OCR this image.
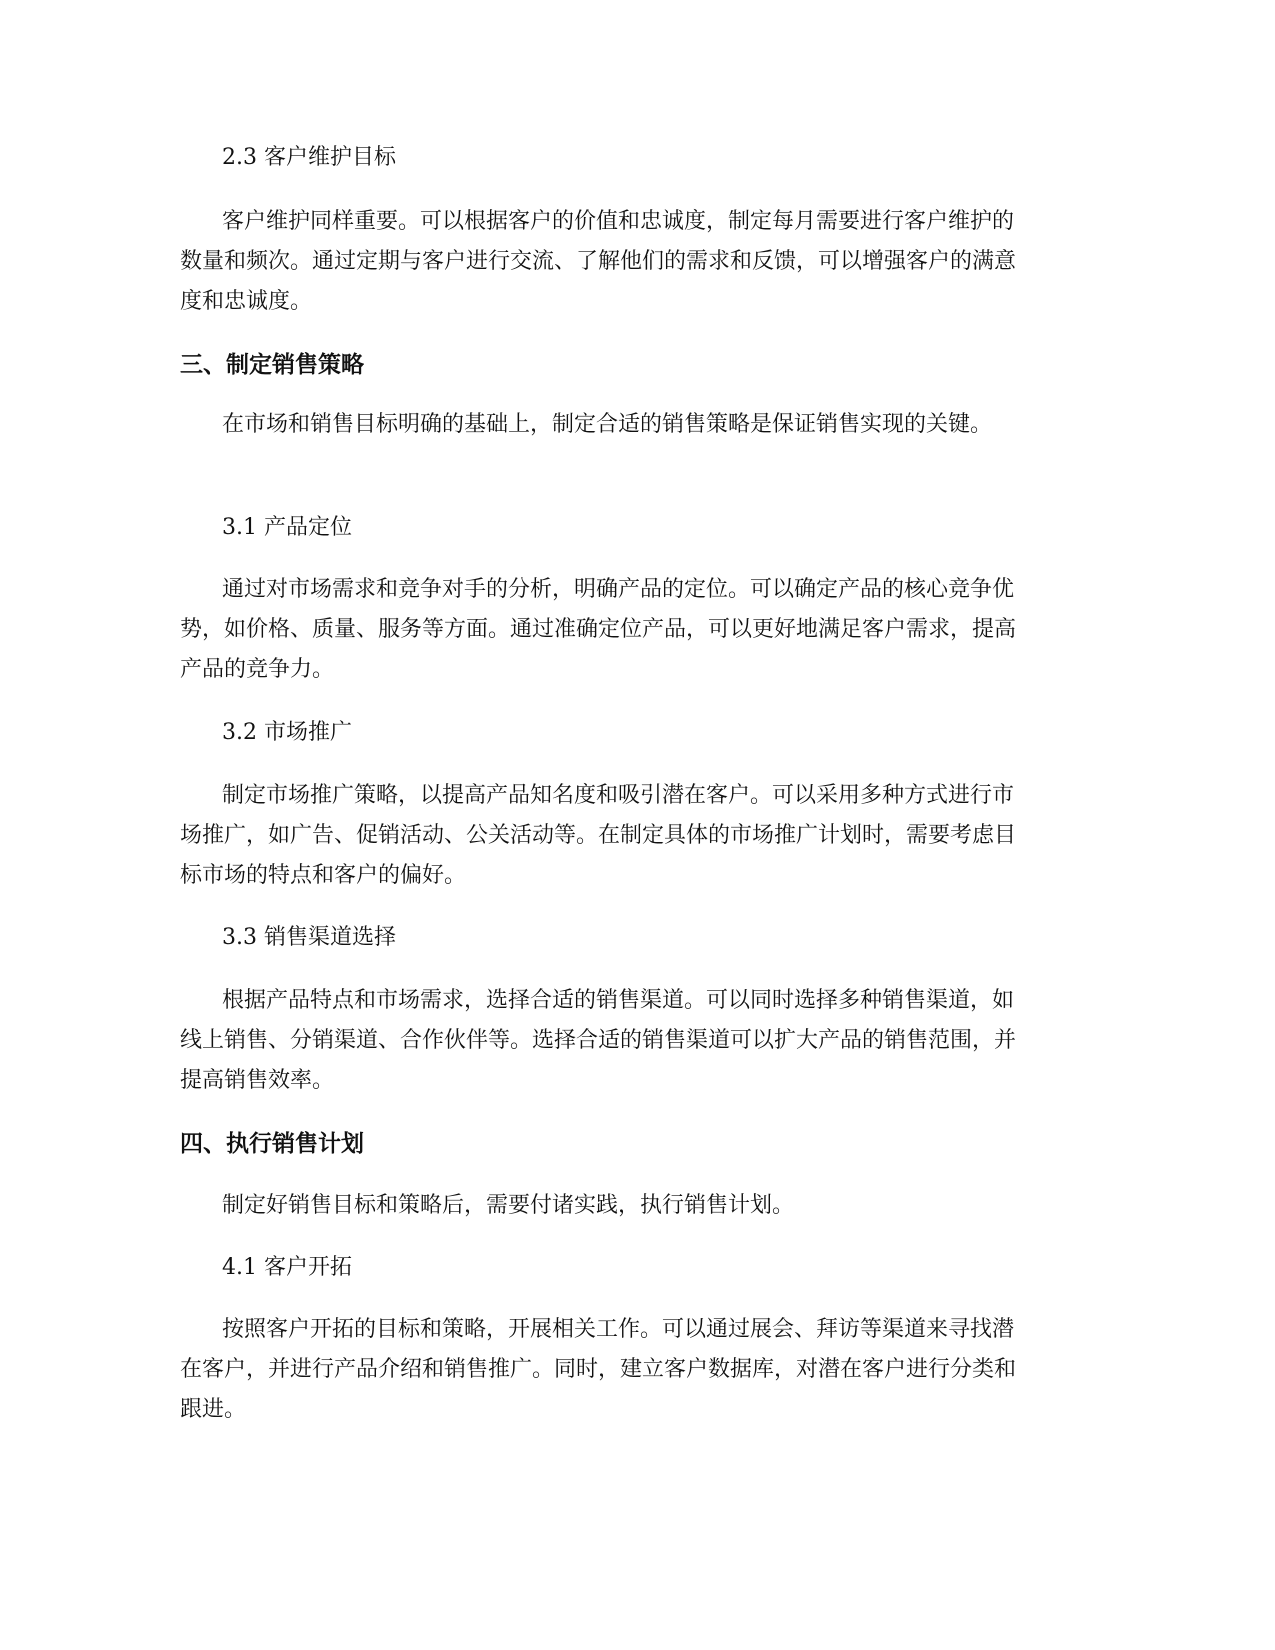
2.3 客户维护目标

客户维护同样重要。可以根据客户的价值和忠诚度，制定每月需要进行客户维护的数量和频次。通过定期与客户进行交流、了解他们的需求和反馈，可以增强客户的满意度和忠诚度。

三、制定销售策略

在市场和销售目标明确的基础上，制定合适的销售策略是保证销售实现的关键。

3.1 产品定位

通过对市场需求和竞争对手的分析，明确产品的定位。可以确定产品的核心竞争优势，如价格、质量、服务等方面。通过准确定位产品，可以更好地满足客户需求，提高产品的竞争力。

3.2 市场推广

制定市场推广策略，以提高产品知名度和吸引潜在客户。可以采用多种方式进行市场推广，如广告、促销活动、公关活动等。在制定具体的市场推广计划时，需要考虑目标市场的特点和客户的偏好。

3.3 销售渠道选择

根据产品特点和市场需求，选择合适的销售渠道。可以同时选择多种销售渠道，如线上销售、分销渠道、合作伙伴等。选择合适的销售渠道可以扩大产品的销售范围，并提高销售效率。

四、执行销售计划

制定好销售目标和策略后，需要付诸实践，执行销售计划。

4.1 客户开拓

按照客户开拓的目标和策略，开展相关工作。可以通过展会、拜访等渠道来寻找潜在客户，并进行产品介绍和销售推广。同时，建立客户数据库，对潜在客户进行分类和跟进。
